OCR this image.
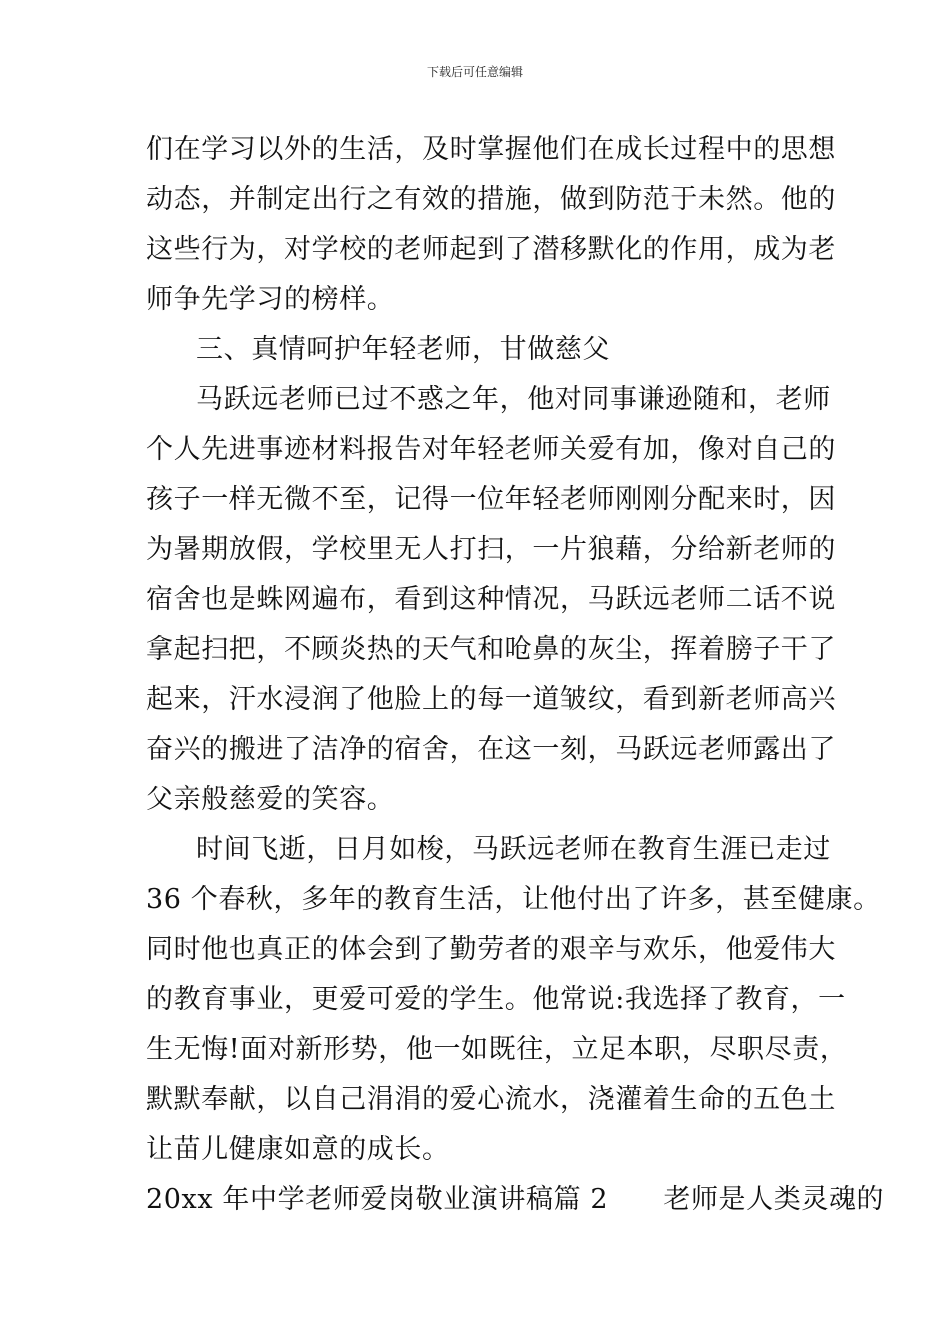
下载后可任意编辑
们在学习以外的生活，及时掌握他们在成长过程中的思想
动态，并制定出行之有效的措施，做到防范于未然。他的
这些行为，对学校的老师起到了潜移默化的作用，成为老
师争先学习的榜样。
三、真情呵护年轻老师，甘做慈父
马跃远老师已过不惑之年，他对同事谦逊随和，老师
个人先进事迹材料报告对年轻老师关爱有加，像对自己的
孩子一样无微不至，记得一位年轻老师刚刚分配来时，因
为暑期放假，学校里无人打扫，一片狼藉，分给新老师的
宿舍也是蛛网遍布，看到这种情况，马跃远老师二话不说
拿起扫把，不顾炎热的天气和呛鼻的灰尘，挥着膀子干了
起来，汗水浸润了他脸上的每一道皱纹，看到新老师高兴
奋兴的搬进了洁净的宿舍，在这一刻，马跃远老师露出了
父亲般慈爱的笑容。
时间飞逝，日月如梭，马跃远老师在教育生涯已走过
36 个春秋，多年的教育生活，让他付出了许多，甚至健康。
同时他也真正的体会到了勤劳者的艰辛与欢乐，他爱伟大
的教育事业，更爱可爱的学生。他常说:我选择了教育，一
生无悔!面对新形势，他一如既往，立足本职，尽职尽责，
默默奉献，以自己涓涓的爱心流水，浇灌着生命的五色土
让苗儿健康如意的成长。
20xx 年中学老师爱岗敬业演讲稿篇 2　　老师是人类灵魂的
